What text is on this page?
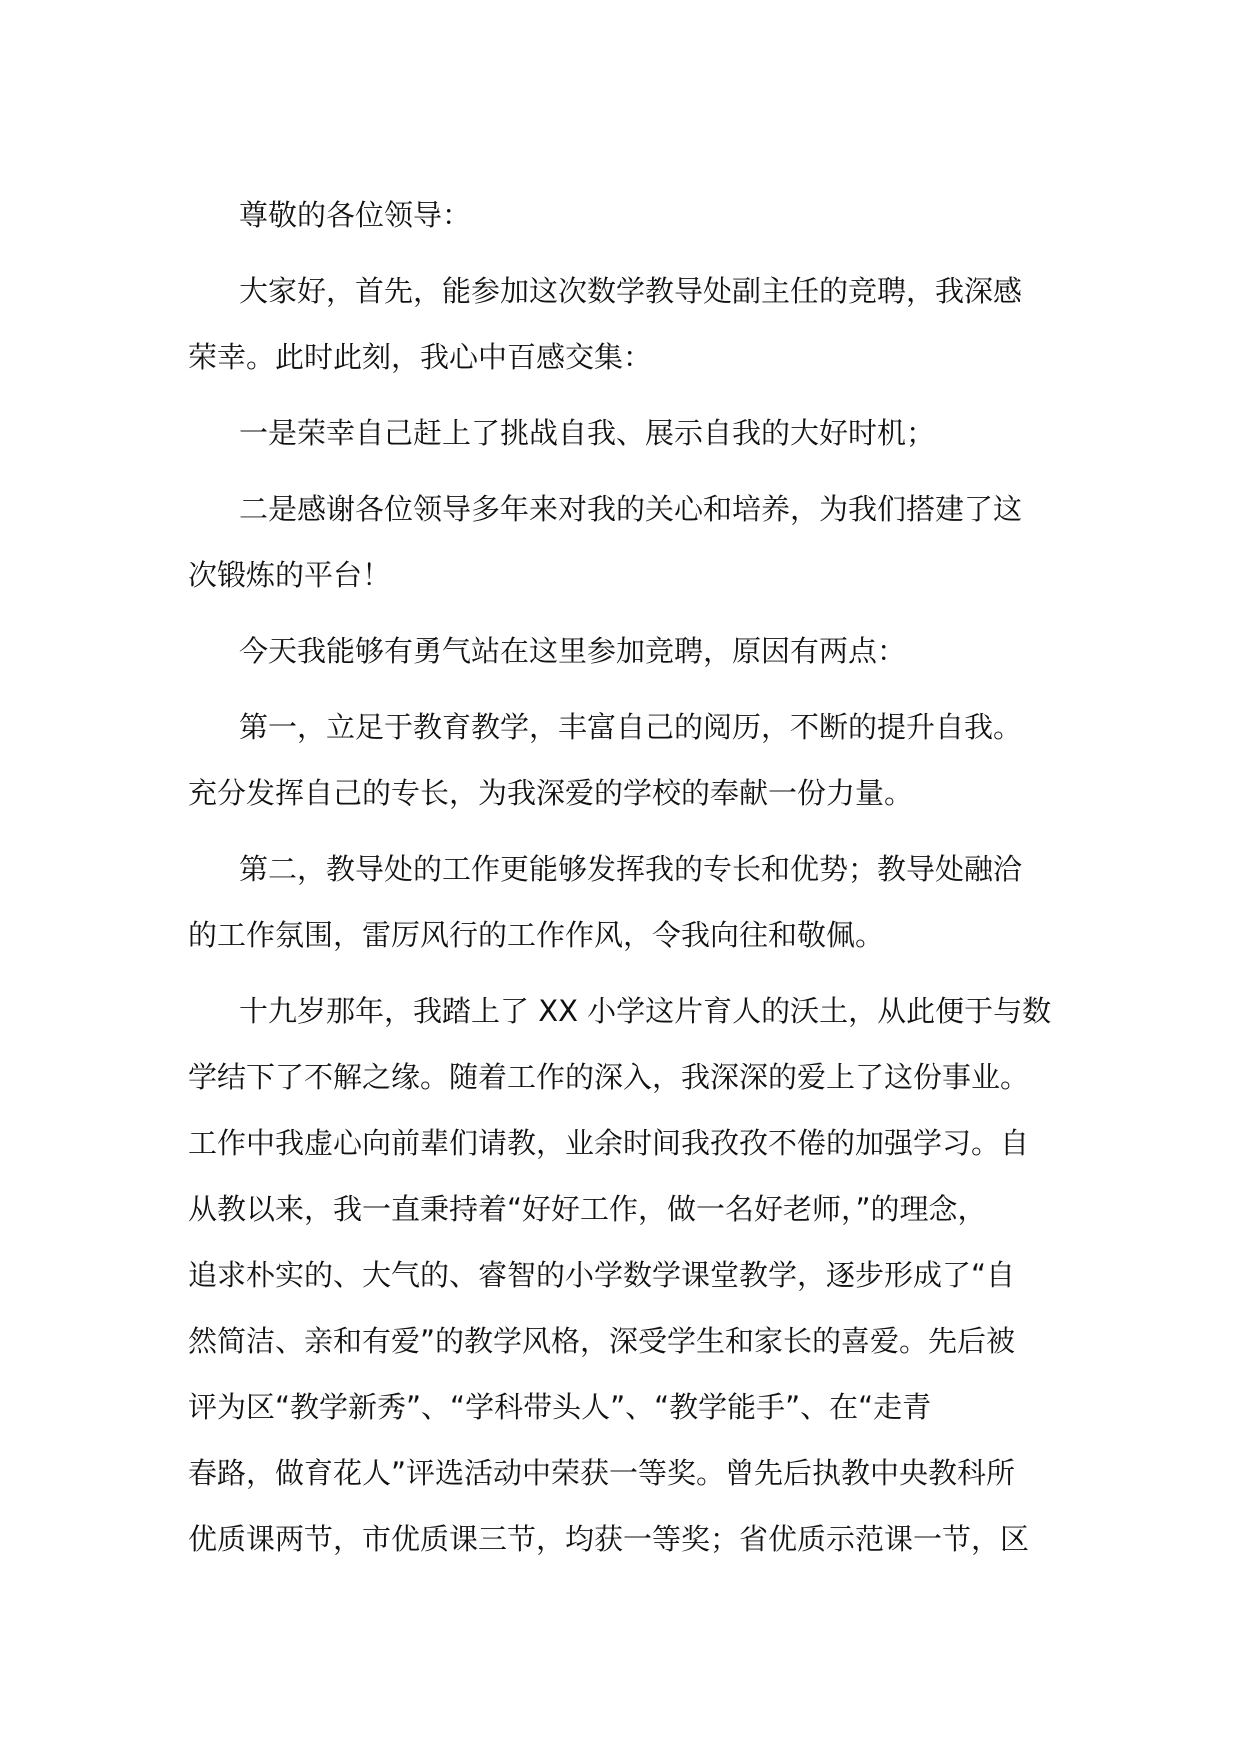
尊敬的各位领导：
大家好，首先，能参加这次数学教导处副主任的竞聘，我深感
荣幸。此时此刻，我心中百感交集：
一是荣幸自己赶上了挑战自我、展示自我的大好时机；
二是感谢各位领导多年来对我的关心和培养，为我们搭建了这
次锻炼的平台！
今天我能够有勇气站在这里参加竞聘，原因有两点：
第一，立足于教育教学，丰富自己的阅历，不断的提升自我。
充分发挥自己的专长，为我深爱的学校的奉献一份力量。
第二，教导处的工作更能够发挥我的专长和优势；教导处融洽
的工作氛围，雷厉风行的工作作风，令我向往和敬佩。
十九岁那年，我踏上了 XX 小学这片育人的沃土，从此便于与数
学结下了不解之缘。随着工作的深入，我深深的爱上了这份事业。
工作中我虚心向前辈们请教，业余时间我孜孜不倦的加强学习。自
从教以来，我一直秉持着“好好工作，做一名好老师，”的理念，
追求朴实的、大气的、睿智的小学数学课堂教学，逐步形成了“自
然简洁、亲和有爱”的教学风格，深受学生和家长的喜爱。先后被
评为区“教学新秀”、“学科带头人”、“教学能手”、在“走青
春路，做育花人”评选活动中荣获一等奖。曾先后执教中央教科所
优质课两节，市优质课三节，均获一等奖；省优质示范课一节，区
